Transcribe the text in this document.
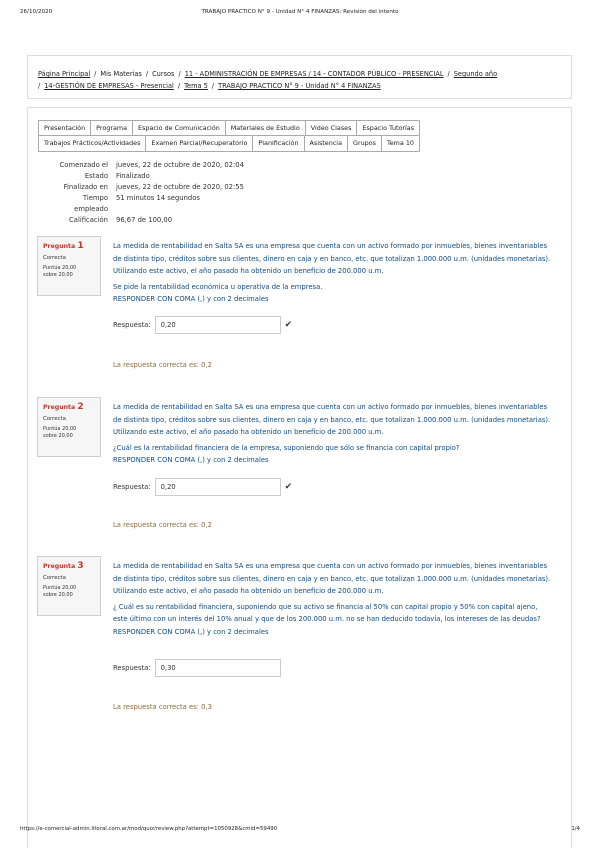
26/10/2020	TRABAJO PRACTICO N° 9 - Unidad N° 4 FINANZAS: Revisión del intento
Página Principal / Mis Materias / Cursos / 11 - ADMINISTRACIÓN DE EMPRESAS / 14 - CONTADOR PÚBLICO - PRESENCIAL / Segundo año
/ 14-GESTIÓN DE EMPRESAS - Presencial / Tema 5 / TRABAJO PRACTICO N° 9 - Unidad N° 4 FINANZAS
Presentación	Programa	Espacio de Comunicación	Materiales de Estudio	Video Clases	Espacio Tutorías
Trabajos Prácticos/Actividades	Examen Parcial/Recuperatorio	Planificación	Asistencia	Grupos	Tema 10
Comenzado el	jueves, 22 de octubre de 2020, 02:04
Estado	Finalizado
Finalizado en	jueves, 22 de octubre de 2020, 02:55
Tiempo	51 minutos 14 segundos
empleado
Calificación	96,67 de 100,00
Pregunta 1
Correcta
Puntúa 20,00
sobre 20,00

La medida de rentabilidad en Salta SA es una empresa que cuenta con un activo formado por inmuebles, bienes inventariables de distinta tipo, créditos sobre sus clientes, dinero en caja y en banco, etc. que totalizan 1.000.000 u.m. (unidades monetarias). Utilizando este activo, el año pasado ha obtenido un beneficio de 200.000 u.m.

Se pide la rentabilidad económica u operativa de la empresa.

RESPONDER CON COMA (,) y con 2 decimales

Respuesta:	0,20	✔
La respuesta correcta es: 0,2
Pregunta 2
Correcta
Puntúa 20,00
sobre 20,00

La medida de rentabilidad en Salta SA es una empresa que cuenta con un activo formado por inmuebles, bienes inventariables de distinta tipo, créditos sobre sus clientes, dinero en caja y en banco, etc. que totalizan 1.000.000 u.m. (unidades monetarias). Utilizando este activo, el año pasado ha obtenido un beneficio de 200.000 u.m.

¿Cuál es la rentabilidad financiera de la empresa, suponiendo que sólo se financia con capital propio?

RESPONDER CON COMA (,) y con 2 decimales

Respuesta:	0,20	✔
La respuesta correcta es: 0,2
Pregunta 3
Correcta
Puntúa 20,00
sobre 20,00

La medida de rentabilidad en Salta SA es una empresa que cuenta con un activo formado por inmuebles, bienes inventariables de distinta tipo, créditos sobre sus clientes, dinero en caja y en banco, etc. que totalizan 1.000.000 u.m. (unidades monetarias). Utilizando este activo, el año pasado ha obtenido un beneficio de 200.000 u.m.

¿ Cuál es su rentabilidad financiera, suponiendo que su activo se financia al 50% con capital propio y 50% con capital ajeno, este último con un interés del 10% anual y que de los 200.000 u.m. no se han deducido todavía, los intereses de las deudas?

RESPONDER CON COMA (,) y con 2 decimales

Respuesta:	0,30
La respuesta correcta es: 0,3
https://e-comercial-admin.litoral.com.ar/mod/quiz/review.php?attempt=1050928&cmid=59490	1/4
